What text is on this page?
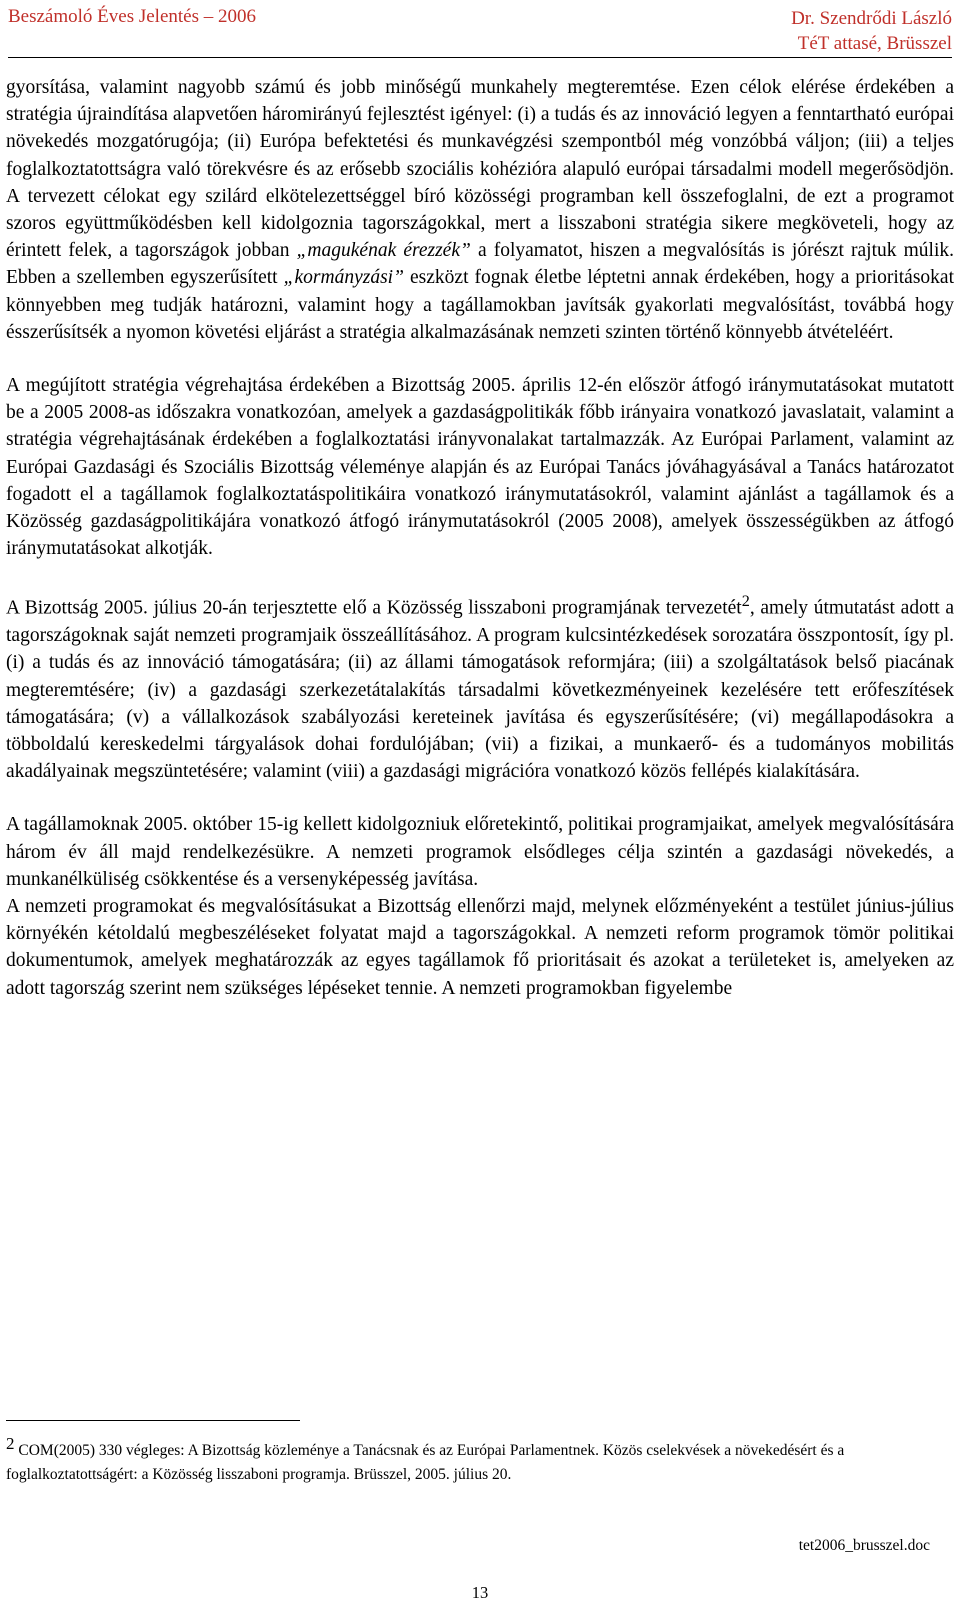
Beszámoló Éves Jelentés – 2006	Dr. Szendrődi László
TéT attasé, Brüsszel

gyorsítása, valamint nagyobb számú és jobb minőségű munkahely megteremtése. Ezen célok elérése érdekében a stratégia újraindítása alapvetően háromirányú fejlesztést igényel: (i) a tudás és az innováció legyen a fenntartható európai növekedés mozgatórugója; (ii) Európa befektetési és munkavégzési szempontból még vonzóbbá váljon; (iii) a teljes foglalkoztatottságra való törekvésre és az erősebb szociális kohézióra alapuló európai társadalmi modell megerősödjön. A tervezett célokat egy szilárd elkötelezettséggel bíró közösségi programban kell összefoglalni, de ezt a programot szoros együttműködésben kell kidolgoznia tagországokkal, mert a lisszaboni stratégia sikere megköveteli, hogy az érintett felek, a tagországok jobban „magukénak érezzék” a folyamatot, hiszen a megvalósítás is jórészt rajtuk múlik. Ebben a szellemben egyszerűsített „kormányzási” eszközt fognak életbe léptetni annak érdekében, hogy a prioritásokat könnyebben meg tudják határozni, valamint hogy a tagállamokban javítsák gyakorlati megvalósítást, továbbá hogy ésszerűsítsék a nyomon követési eljárást a stratégia alkalmazásának nemzeti szinten történő könnyebb átvételéért.

A megújított stratégia végrehajtása érdekében a Bizottság 2005. április 12-én először átfogó iránymutatásokat mutatott be a 2005 2008-as időszakra vonatkozóan, amelyek a gazdaságpolitikák főbb irányaira vonatkozó javaslatait, valamint a stratégia végrehajtásának érdekében a foglalkoztatási irányvonalakat tartalmazzák. Az Európai Parlament, valamint az Európai Gazdasági és Szociális Bizottság véleménye alapján és az Európai Tanács jóváhagyásával a Tanács határozatot fogadott el a tagállamok foglalkoztatáspolitikáira vonatkozó iránymutatásokról, valamint ajánlást a tagállamok és a Közösség gazdaságpolitikájára vonatkozó átfogó iránymutatásokról (2005 2008), amelyek összességükben az átfogó iránymutatásokat alkotják.

A Bizottság 2005. július 20-án terjesztette elő a Közösség lisszaboni programjának tervezetét$^2$, amely útmutatást adott a tagországoknak saját nemzeti programjaik összeállításához. A program kulcsintézkedések sorozatára összpontosít, így pl. (i) a tudás és az innováció támogatására; (ii) az állami támogatások reformjára; (iii) a szolgáltatások belső piacának megteremtésére; (iv) a gazdasági szerkezetátalakítás társadalmi következményeinek kezelésére tett erőfeszítések támogatására; (v) a vállalkozások szabályozási kereteinek javítása és egyszerűsítésére; (vi) megállapodásokra a többoldalú kereskedelmi tárgyalások dohai fordulójában; (vii) a fizikai, a munkaerő- és a tudományos mobilitás akadályainak megszüntetésére; valamint (viii) a gazdasági migrációra vonatkozó közös fellépés kialakítására.

A tagállamoknak 2005. október 15-ig kellett kidolgozniuk előretekintő, politikai programjaikat, amelyek megvalósítására három év áll majd rendelkezésükre. A nemzeti programok elsődleges célja szintén a gazdasági növekedés, a munkanélküliség csökkentése és a versenyképesség javítása.

A nemzeti programokat és megvalósításukat a Bizottság ellenőrzi majd, melynek előzményeként a testület június-július környékén kétoldalú megbeszéléseket folyatat majd a tagországokkal. A nemzeti reform programok tömör politikai dokumentumok, amelyek meghatározzák az egyes tagállamok fő prioritásait és azokat a területeket is, amelyeken az adott tagország szerint nem szükséges lépéseket tennie. A nemzeti programokban figyelembe

$^2$ COM(2005) 330 végleges: A Bizottság közleménye a Tanácsnak és az Európai Parlamentnek. Közös cselekvések a növekedésért és a foglalkoztatottságért: a Közösség lisszaboni programja. Brüsszel, 2005. július 20.
tet2006_brusszel.doc
13
